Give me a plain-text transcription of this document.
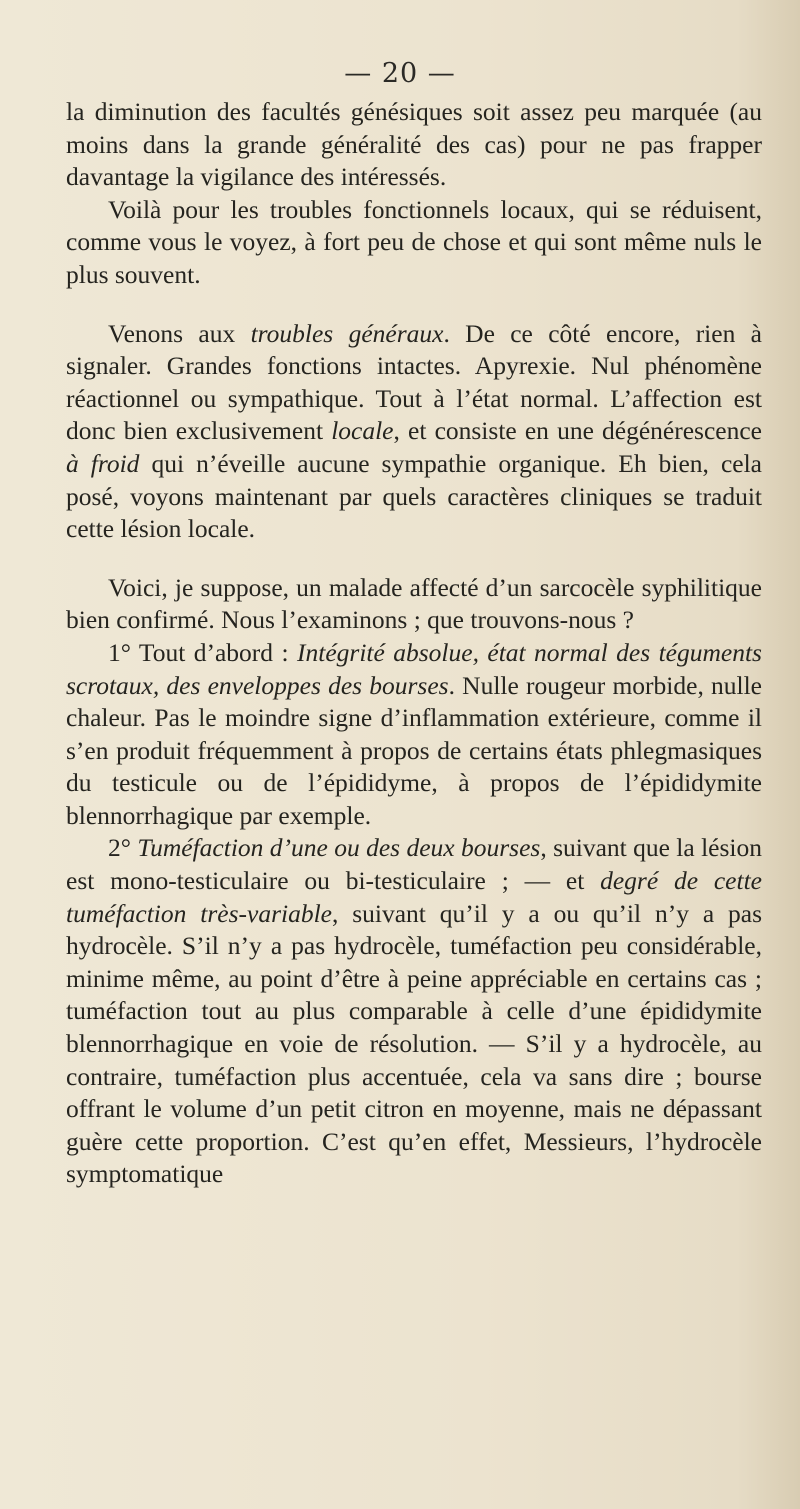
— 20 —

la diminution des facultés génésiques soit assez peu marquée (au moins dans la grande généralité des cas) pour ne pas frapper davantage la vigilance des intéressés.

Voilà pour les troubles fonctionnels locaux, qui se réduisent, comme vous le voyez, à fort peu de chose et qui sont même nuls le plus souvent.

Venons aux troubles généraux. De ce côté encore, rien à signaler. Grandes fonctions intactes. Apyrexie. Nul phénomène réactionnel ou sympathique. Tout à l’état normal. L’affection est donc bien exclusivement locale, et consiste en une dégénérescence à froid qui n’éveille aucune sympathie organique. Eh bien, cela posé, voyons maintenant par quels caractères cliniques se traduit cette lésion locale.

Voici, je suppose, un malade affecté d’un sarcocèle syphilitique bien confirmé. Nous l’examinons ; que trouvons-nous ?

1° Tout d’abord : Intégrité absolue, état normal des téguments scrotaux, des enveloppes des bourses. Nulle rougeur morbide, nulle chaleur. Pas le moindre signe d’inflammation extérieure, comme il s’en produit fréquemment à propos de certains états phlegmasiques du testicule ou de l’épididyme, à propos de l’épididymite blennorrhagique par exemple.

2° Tuméfaction d’une ou des deux bourses, suivant que la lésion est mono-testiculaire ou bi-testiculaire ; — et degré de cette tuméfaction très-variable, suivant qu’il y a ou qu’il n’y a pas hydrocèle. S’il n’y a pas hydrocèle, tuméfaction peu considérable, minime même, au point d’être à peine appréciable en certains cas ; tuméfaction tout au plus comparable à celle d’une épididymite blennorrhagique en voie de résolution. — S’il y a hydrocèle, au contraire, tuméfaction plus accentuée, cela va sans dire ; bourse offrant le volume d’un petit citron en moyenne, mais ne dépassant guère cette proportion. C’est qu’en effet, Messieurs, l’hydrocèle symptomatique
